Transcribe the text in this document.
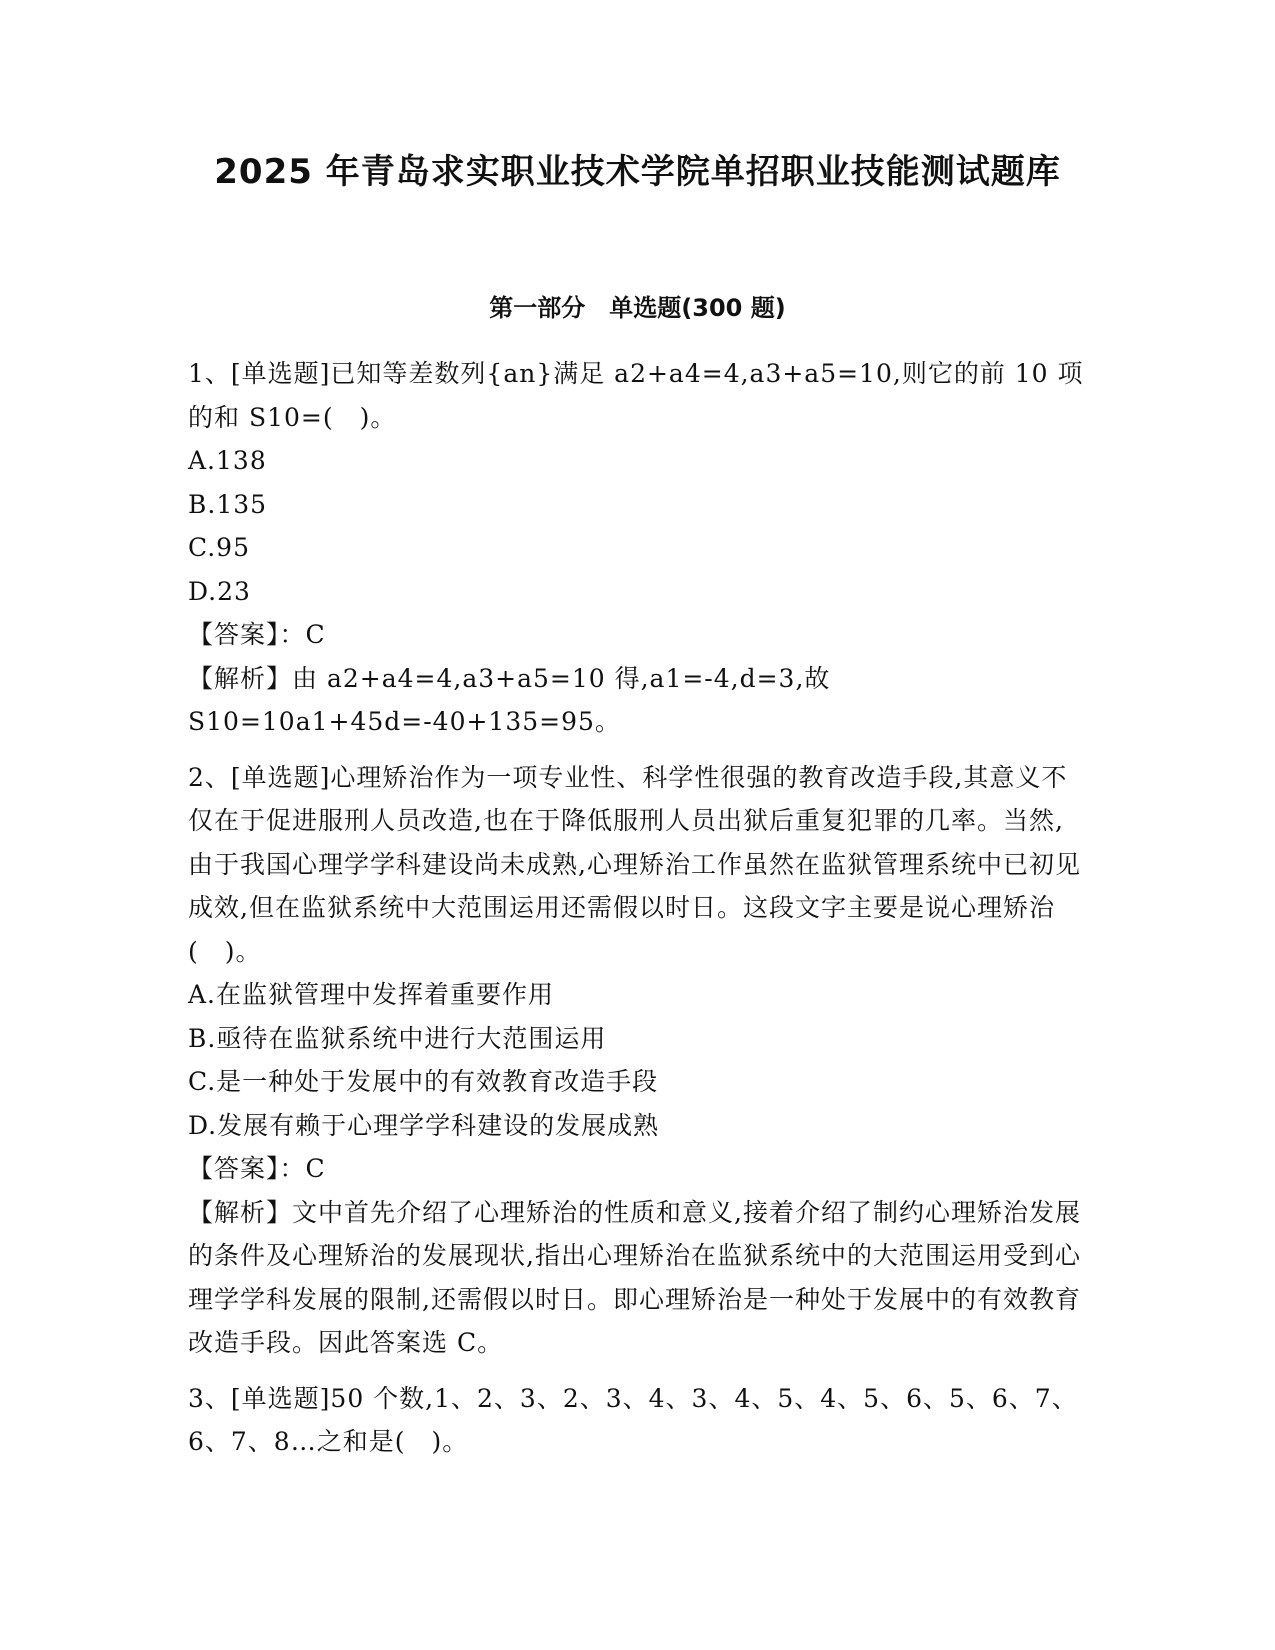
2025 年青岛求实职业技术学院单招职业技能测试题库
第一部分　单选题(300 题)
1、[单选题]已知等差数列{an}满足 a2+a4=4,a3+a5=10,则它的前 10 项的和 S10=(　)。
A.138
B.135
C.95
D.23
【答案】：C
【解析】由 a2+a4=4,a3+a5=10 得,a1=-4,d=3,故 S10=10a1+45d=-40+135=95。
2、[单选题]心理矫治作为一项专业性、科学性很强的教育改造手段,其意义不仅在于促进服刑人员改造,也在于降低服刑人员出狱后重复犯罪的几率。当然,由于我国心理学学科建设尚未成熟,心理矫治工作虽然在监狱管理系统中已初见成效,但在监狱系统中大范围运用还需假以时日。这段文字主要是说心理矫治(　)。
A.在监狱管理中发挥着重要作用
B.亟待在监狱系统中进行大范围运用
C.是一种处于发展中的有效教育改造手段
D.发展有赖于心理学学科建设的发展成熟
【答案】：C
【解析】文中首先介绍了心理矫治的性质和意义,接着介绍了制约心理矫治发展的条件及心理矫治的发展现状,指出心理矫治在监狱系统中的大范围运用受到心理学学科发展的限制,还需假以时日。即心理矫治是一种处于发展中的有效教育改造手段。因此答案选 C。
3、[单选题]50 个数,1、2、3、2、3、4、3、4、5、4、5、6、5、6、7、6、7、8…之和是(　)。
